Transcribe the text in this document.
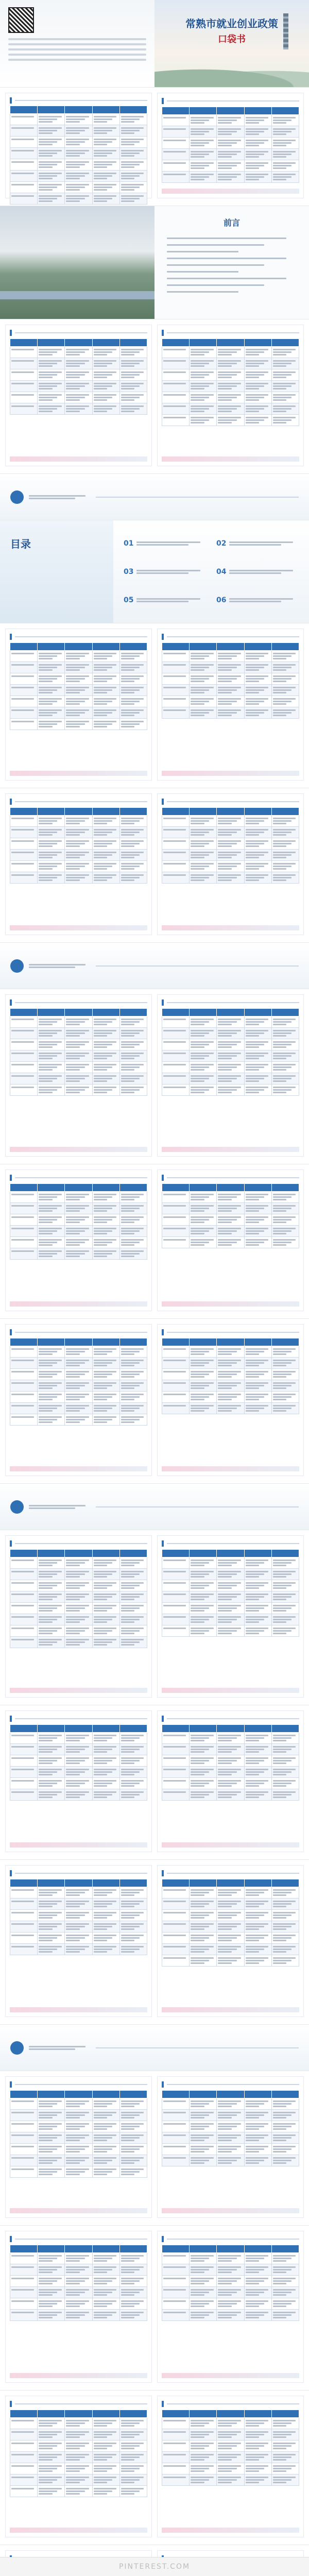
常熟市就业创业政策
口袋书

前言

目录	01	02
03	04
05	06

PINTEREST.COM
